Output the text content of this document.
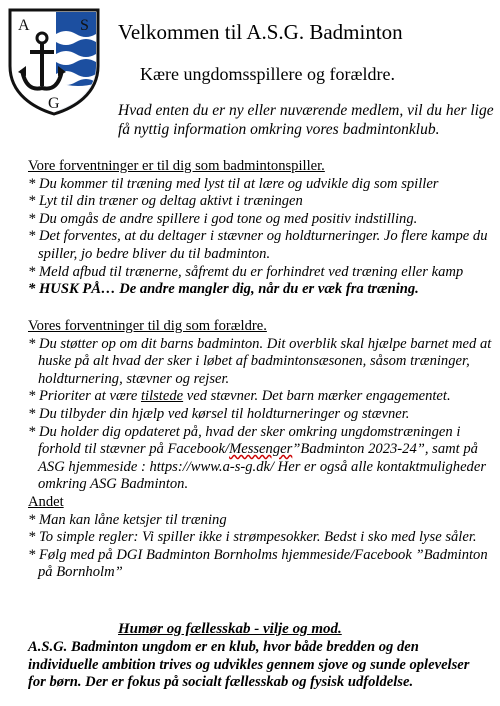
A	S
G
Velkommen til A.S.G. Badminton
Kære ungdomsspillere og forældre.
Hvad enten du er ny eller nuværende medlem, vil du her lige få nyttig information omkring vores badmintonklub.
Vore forventninger er til dig som badmintonspiller.
* Du kommer til træning med lyst til at lære og udvikle dig som spiller
* Lyt til din træner og deltag aktivt i træningen
* Du omgås de andre spillere i god tone og med positiv indstilling.
* Det forventes, at du deltager i stævner og holdturneringer. Jo flere kampe du spiller, jo bedre bliver du til badminton.
* Meld afbud til trænerne, såfremt du er forhindret ved træning eller kamp
* HUSK PÅ… De andre mangler dig, når du er væk fra træning.
Vores forventninger til dig som forældre.
* Du støtter op om dit barns badminton. Dit overblik skal hjælpe barnet med at huske på alt hvad der sker i løbet af badmintonsæsonen, såsom træninger, holdturnering, stævner og rejser.
* Prioriter at være tilstede ved stævner. Det barn mærker engagementet.
* Du tilbyder din hjælp ved kørsel til holdturneringer og stævner.
* Du holder dig opdateret på, hvad der sker omkring ungdomstræningen i forhold til stævner på Facebook/Messenger”Badminton 2023-24”, samt på ASG hjemmeside : https://www.a-s-g.dk/ Her er også alle kontaktmuligheder omkring ASG Badminton.
Andet
* Man kan låne ketsjer til træning
* To simple regler: Vi spiller ikke i strømpesokker. Bedst i sko med lyse såler.
* Følg med på DGI Badminton Bornholms hjemmeside/Facebook ”Badminton på Bornholm”
Humør og fællesskab - vilje og mod.
A.S.G. Badminton ungdom er en klub, hvor både bredden og den individuelle ambition trives og udvikles gennem sjove og sunde oplevelser for børn. Der er fokus på socialt fællesskab og fysisk udfoldelse.
